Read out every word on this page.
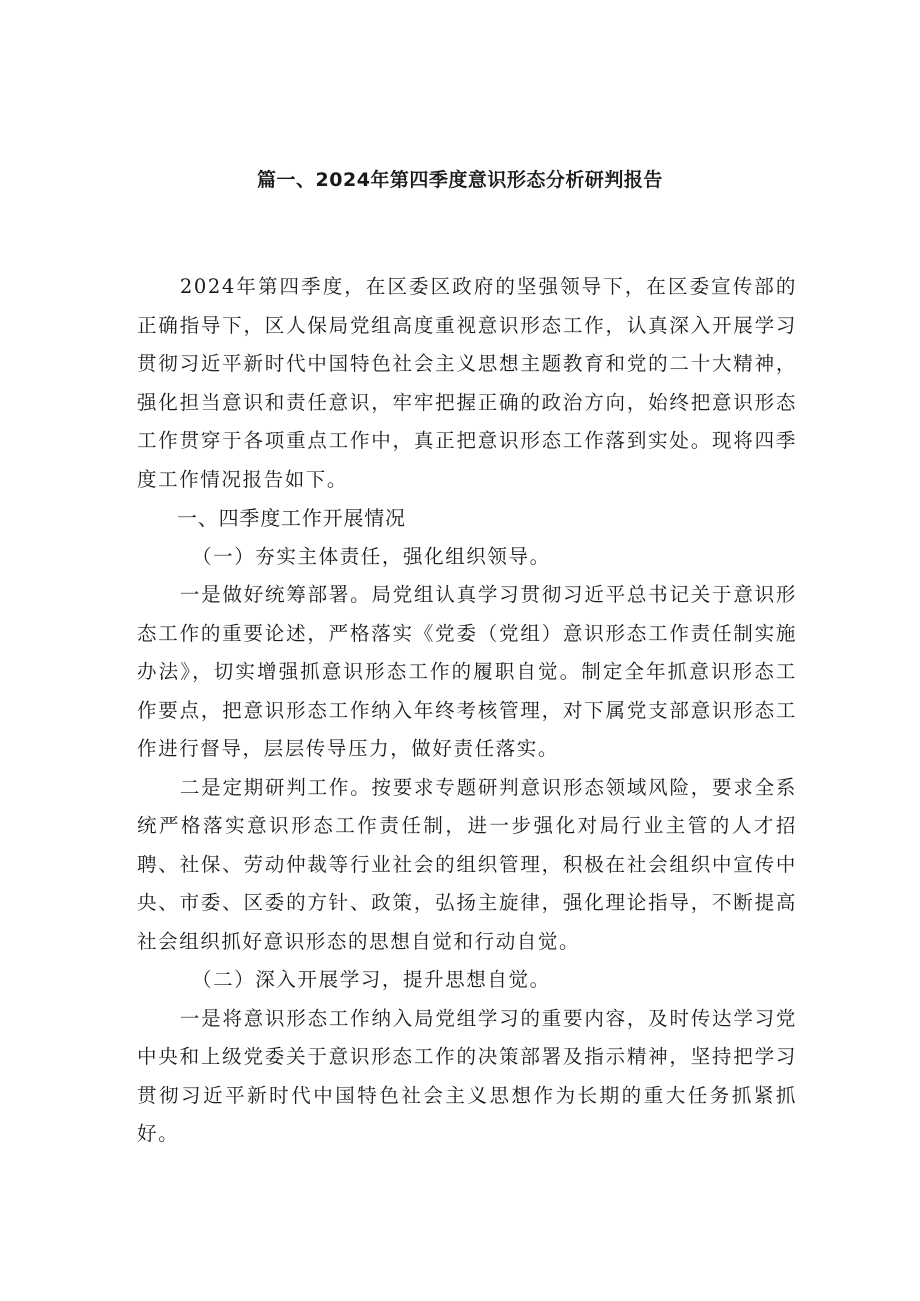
篇一、2024年第四季度意识形态分析研判报告

2024年第四季度，在区委区政府的坚强领导下，在区委宣传部的正确指导下，区人保局党组高度重视意识形态工作，认真深入开展学习贯彻习近平新时代中国特色社会主义思想主题教育和党的二十大精神，强化担当意识和责任意识，牢牢把握正确的政治方向，始终把意识形态工作贯穿于各项重点工作中，真正把意识形态工作落到实处。现将四季度工作情况报告如下。

一、四季度工作开展情况

（一）夯实主体责任，强化组织领导。

一是做好统筹部署。局党组认真学习贯彻习近平总书记关于意识形态工作的重要论述，严格落实《党委（党组）意识形态工作责任制实施办法》，切实增强抓意识形态工作的履职自觉。制定全年抓意识形态工作要点，把意识形态工作纳入年终考核管理，对下属党支部意识形态工作进行督导，层层传导压力，做好责任落实。

二是定期研判工作。按要求专题研判意识形态领域风险，要求全系统严格落实意识形态工作责任制，进一步强化对局行业主管的人才招聘、社保、劳动仲裁等行业社会的组织管理，积极在社会组织中宣传中央、市委、区委的方针、政策，弘扬主旋律，强化理论指导，不断提高社会组织抓好意识形态的思想自觉和行动自觉。

（二）深入开展学习，提升思想自觉。

一是将意识形态工作纳入局党组学习的重要内容，及时传达学习党中央和上级党委关于意识形态工作的决策部署及指示精神，坚持把学习贯彻习近平新时代中国特色社会主义思想作为长期的重大任务抓紧抓好。
